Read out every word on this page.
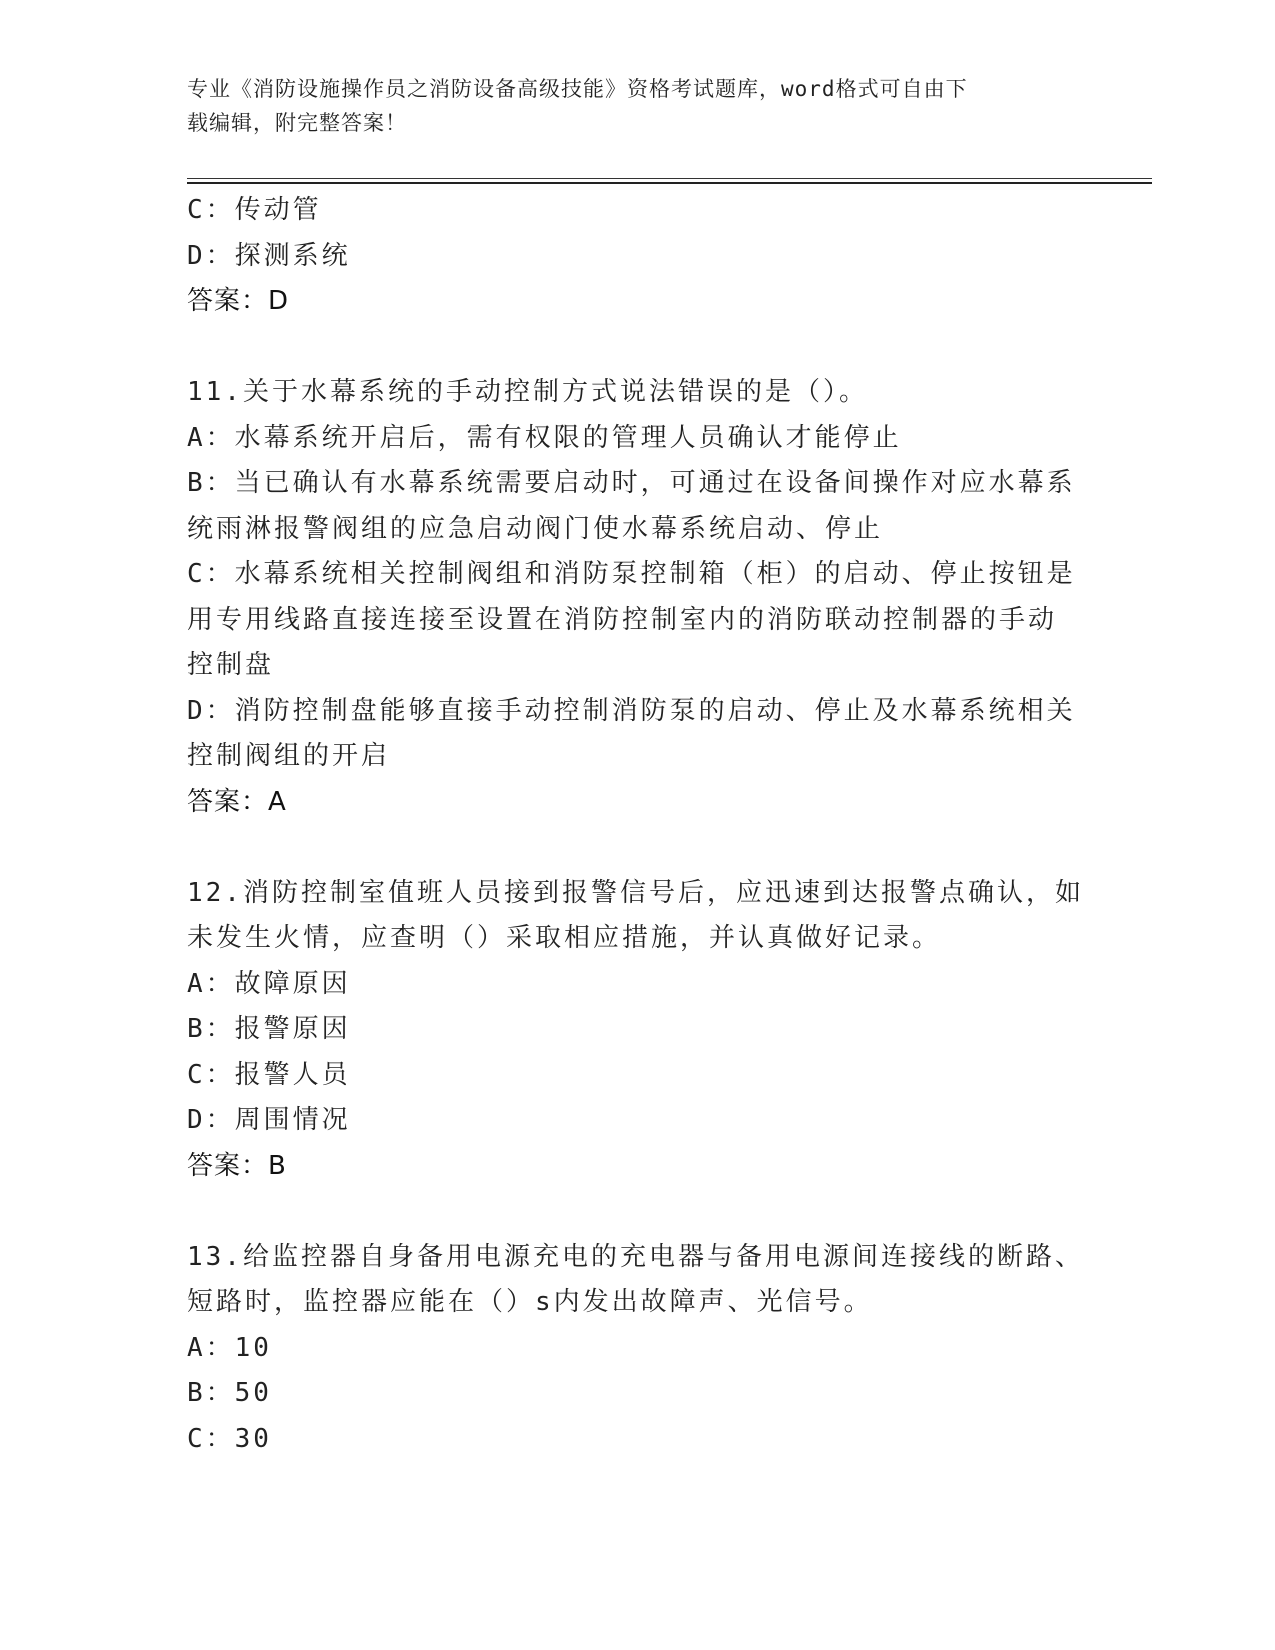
专业《消防设施操作员之消防设备高级技能》资格考试题库，word格式可自由下
载编辑，附完整答案！
C：传动管
D：探测系统
答案：D
11.关于水幕系统的手动控制方式说法错误的是（）。
A：水幕系统开启后，需有权限的管理人员确认才能停止
B：当已确认有水幕系统需要启动时，可通过在设备间操作对应水幕系
统雨淋报警阀组的应急启动阀门使水幕系统启动、停止
C：水幕系统相关控制阀组和消防泵控制箱（柜）的启动、停止按钮是
用专用线路直接连接至设置在消防控制室内的消防联动控制器的手动
控制盘
D：消防控制盘能够直接手动控制消防泵的启动、停止及水幕系统相关
控制阀组的开启
答案：A
12.消防控制室值班人员接到报警信号后，应迅速到达报警点确认，如
未发生火情，应查明（）采取相应措施，并认真做好记录。
A：故障原因
B：报警原因
C：报警人员
D：周围情况
答案：B
13.给监控器自身备用电源充电的充电器与备用电源间连接线的断路、
短路时，监控器应能在（）s内发出故障声、光信号。
A：10
B：50
C：30
